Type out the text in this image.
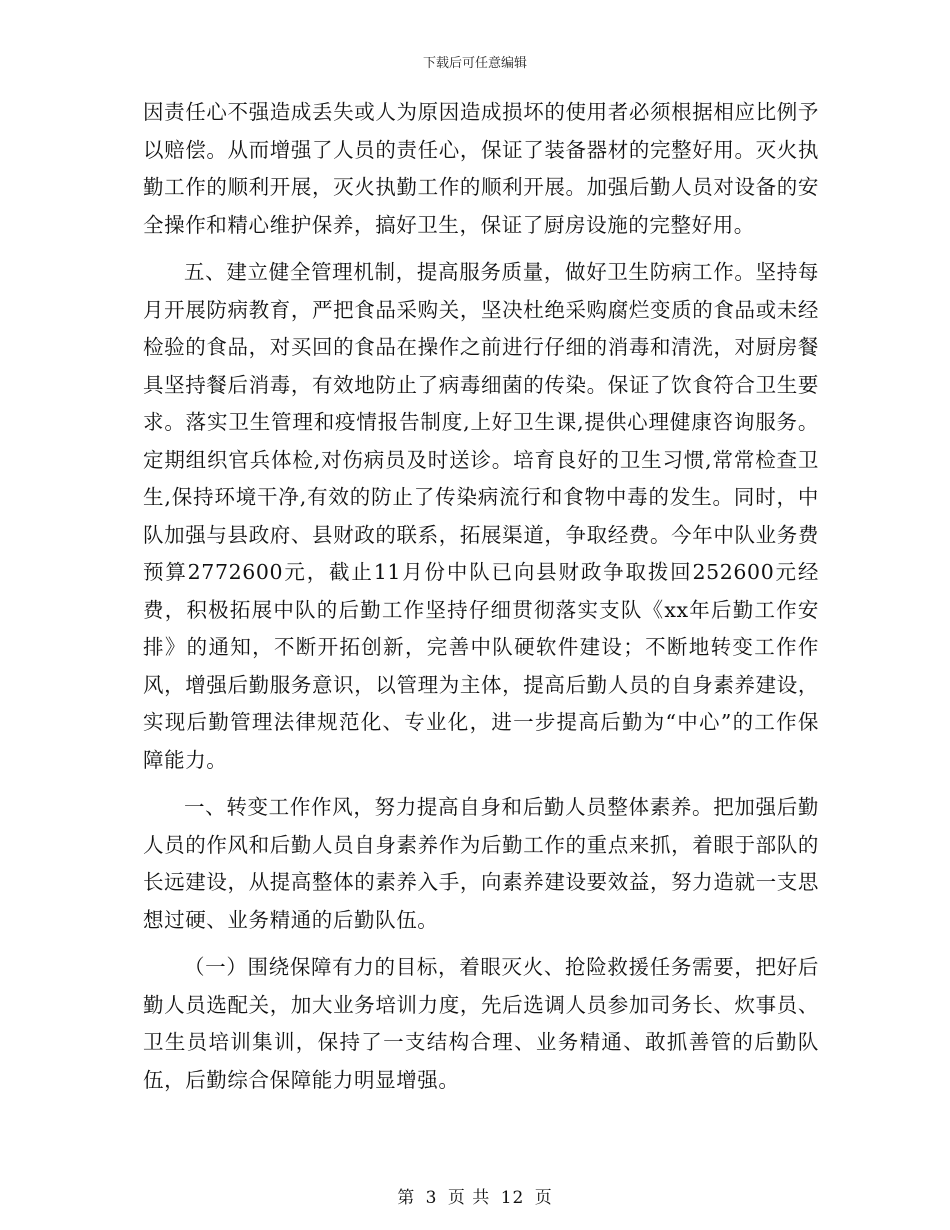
下载后可任意编辑

因责任心不强造成丢失或人为原因造成损坏的使用者必须根据相应比例予以赔偿。从而增强了人员的责任心，保证了装备器材的完整好用。灭火执勤工作的顺利开展，灭火执勤工作的顺利开展。加强后勤人员对设备的安全操作和精心维护保养，搞好卫生，保证了厨房设施的完整好用。

五、建立健全管理机制，提高服务质量，做好卫生防病工作。坚持每月开展防病教育，严把食品采购关，坚决杜绝采购腐烂变质的食品或未经检验的食品，对买回的食品在操作之前进行仔细的消毒和清洗，对厨房餐具坚持餐后消毒，有效地防止了病毒细菌的传染。保证了饮食符合卫生要求。落实卫生管理和疫情报告制度,上好卫生课,提供心理健康咨询服务。定期组织官兵体检,对伤病员及时送诊。培育良好的卫生习惯,常常检查卫生,保持环境干净,有效的防止了传染病流行和食物中毒的发生。同时，中队加强与县政府、县财政的联系，拓展渠道，争取经费。今年中队业务费预算2772600元，截止11月份中队已向县财政争取拨回252600元经费，积极拓展中队的后勤工作坚持仔细贯彻落实支队《xx年后勤工作安排》的通知，不断开拓创新，完善中队硬软件建设；不断地转变工作作风，增强后勤服务意识，以管理为主体，提高后勤人员的自身素养建设，实现后勤管理法律规范化、专业化，进一步提高后勤为“中心”的工作保障能力。

一、转变工作作风，努力提高自身和后勤人员整体素养。把加强后勤人员的作风和后勤人员自身素养作为后勤工作的重点来抓，着眼于部队的长远建设，从提高整体的素养入手，向素养建设要效益，努力造就一支思想过硬、业务精通的后勤队伍。

（一）围绕保障有力的目标，着眼灭火、抢险救援任务需要，把好后勤人员选配关，加大业务培训力度，先后选调人员参加司务长、炊事员、卫生员培训集训，保持了一支结构合理、业务精通、敢抓善管的后勤队伍，后勤综合保障能力明显增强。

第 3 页 共 12 页
